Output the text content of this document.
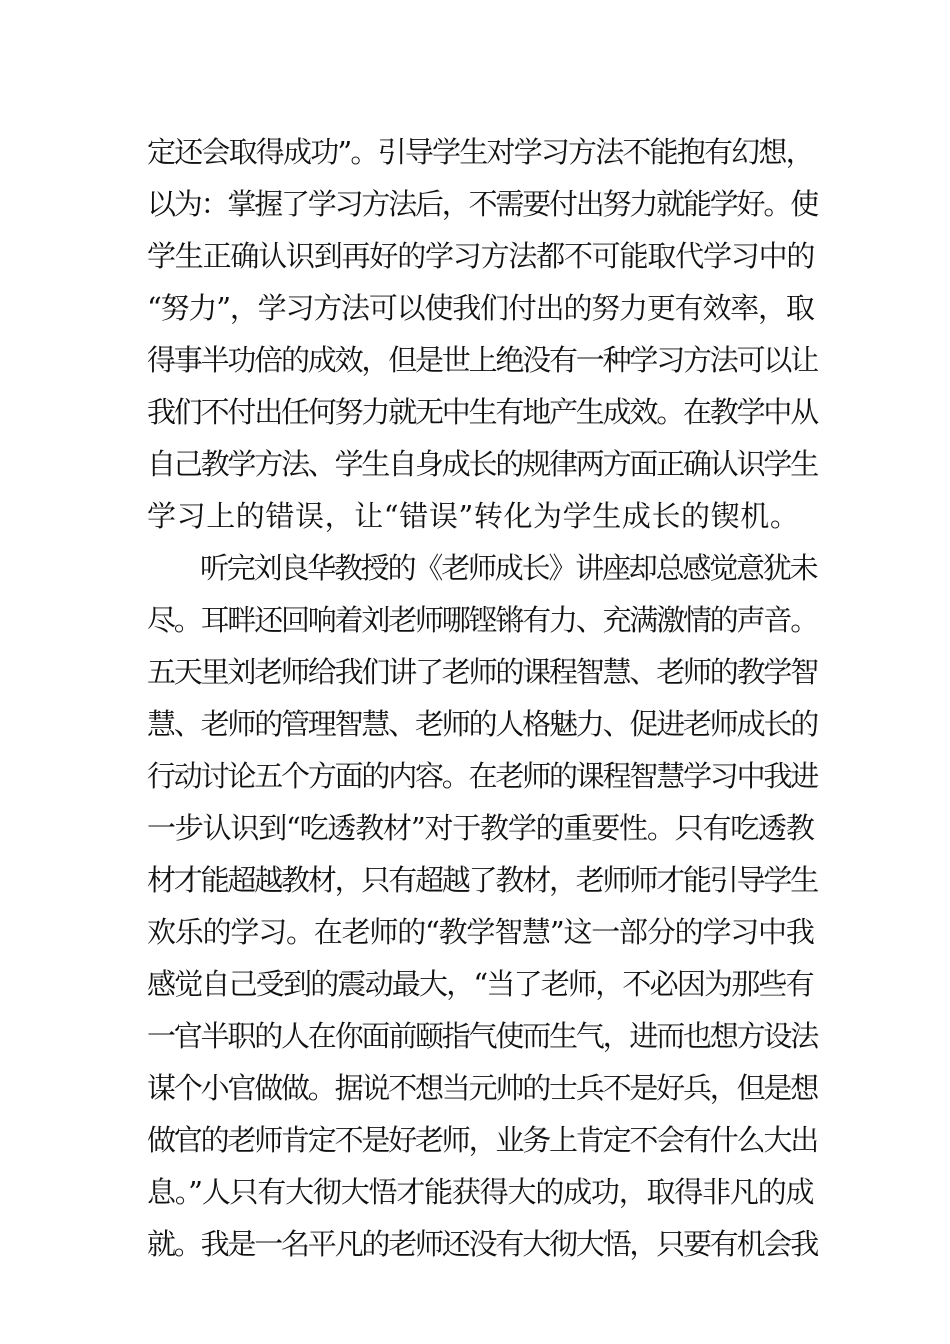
定还会取得成功”。引导学生对学习方法不能抱有幻想，
以为：掌握了学习方法后，不需要付出努力就能学好。使
学生正确认识到再好的学习方法都不可能取代学习中的
“努力”，学习方法可以使我们付出的努力更有效率，取
得事半功倍的成效，但是世上绝没有一种学习方法可以让
我们不付出任何努力就无中生有地产生成效。在教学中从
自己教学方法、学生自身成长的规律两方面正确认识学生
学习上的错误，让“错误”转化为学生成长的锲机。
听完刘良华教授的《老师成长》讲座却总感觉意犹未
尽。耳畔还回响着刘老师哪铿锵有力、充满激情的声音。
五天里刘老师给我们讲了老师的课程智慧、老师的教学智
慧、老师的管理智慧、老师的人格魅力、促进老师成长的
行动讨论五个方面的内容。在老师的课程智慧学习中我进
一步认识到“吃透教材”对于教学的重要性。只有吃透教
材才能超越教材，只有超越了教材，老师师才能引导学生
欢乐的学习。在老师的“教学智慧”这一部分的学习中我
感觉自己受到的震动最大，“当了老师，不必因为那些有
一官半职的人在你面前颐指气使而生气，进而也想方设法
谋个小官做做。据说不想当元帅的士兵不是好兵，但是想
做官的老师肯定不是好老师，业务上肯定不会有什么大出
息。”人只有大彻大悟才能获得大的成功，取得非凡的成
就。我是一名平凡的老师还没有大彻大悟，只要有机会我
